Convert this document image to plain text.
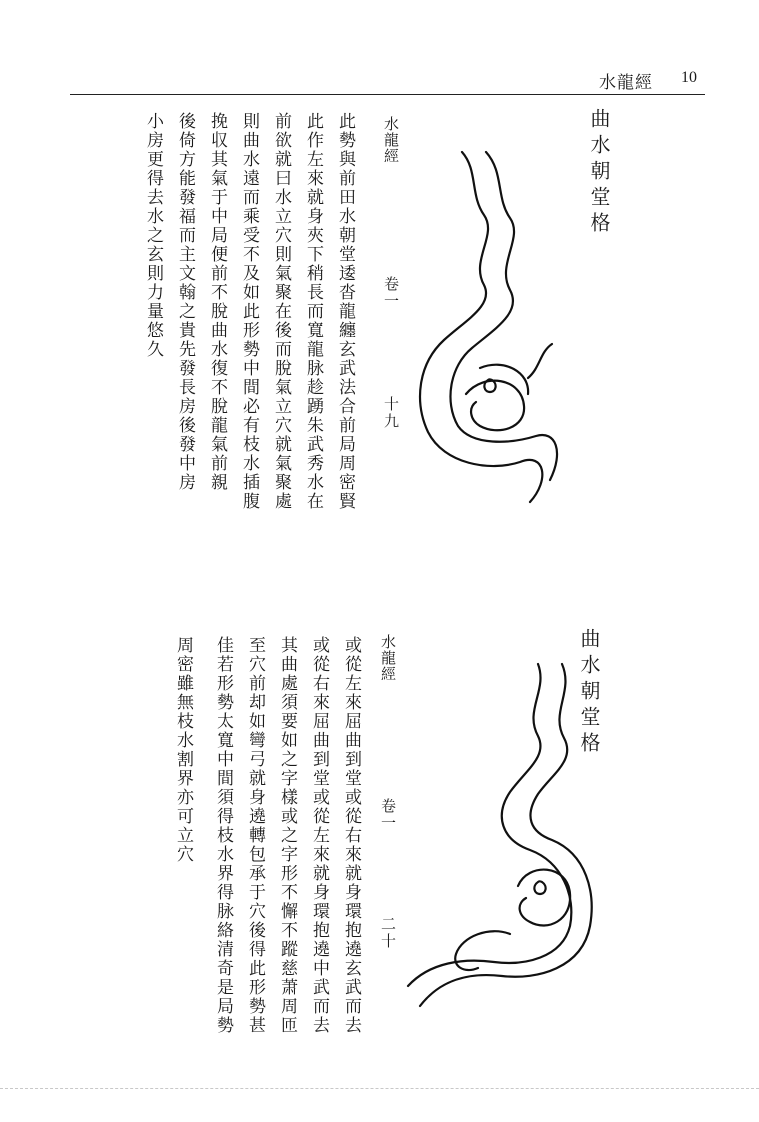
水龍經 10
曲水朝堂格
水龍經
卷一
十九
此勢與前田水朝堂逶沓龍纏玄武法合前局周密賢
此作左來就身夾下稍長而寬龍脉趁踴朱武秀水在
前欲就曰水立穴則氣聚在後而脫氣立穴就氣聚處
則曲水遠而乘受不及如此形勢中間必有枝水插腹
挽収其氣于中局便前不脫曲水復不脫龍氣前親
後倚方能發福而主文翰之貴先發長房後發中房
小房更得去水之玄則力量悠久
曲水朝堂格
水龍經
卷一
二十
或從左來屈曲到堂或從右來就身環抱遶玄武而去
或從右來屈曲到堂或從左來就身環抱遶中武而去
其曲處須要如之字樣或之字形不懈不蹤慈萧周匝
至穴前却如彎弓就身遶轉包承于穴後得此形勢甚
佳若形勢太寬中間須得枝水界得脉絡清奇是局勢
周密雖無枝水割界亦可立穴
